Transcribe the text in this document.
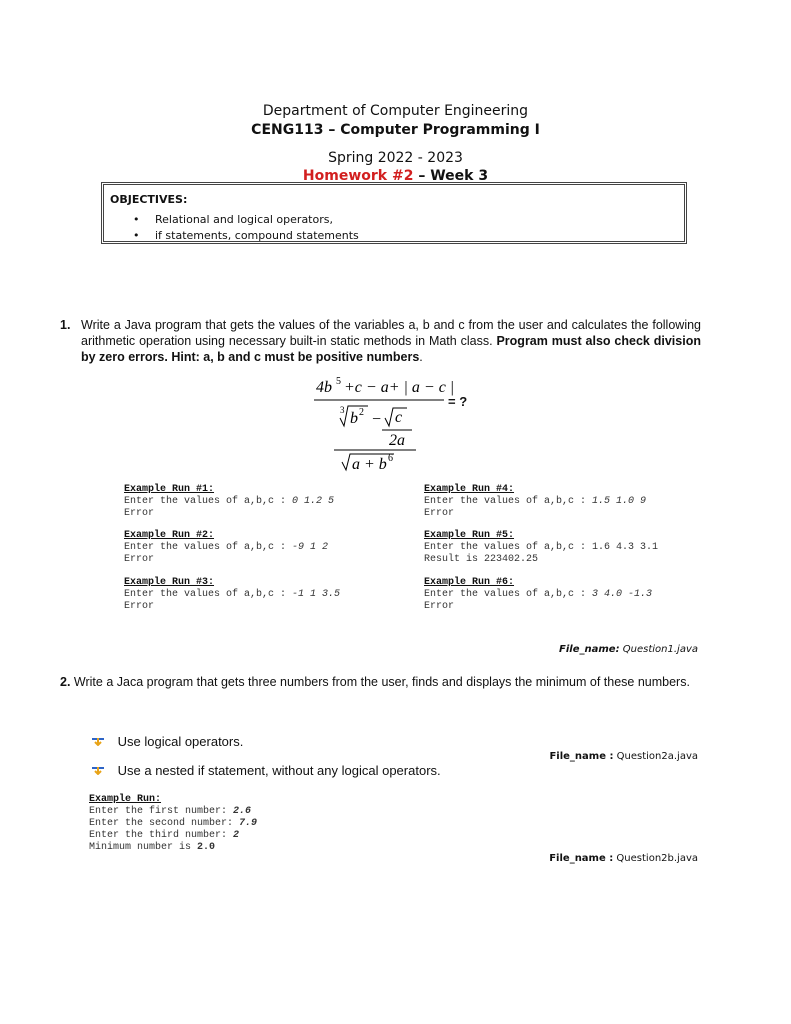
Department of Computer Engineering
CENG113 – Computer Programming I
Spring 2022 - 2023
Homework #2 – Week 3
OBJECTIVES:
• Relational and logical operators,
• if statements, compound statements
1. Write a Java program that gets the values of the variables a, b and c from the user and calculates the following arithmetic operation using necessary built-in static methods in Math class. Program must also check division by zero errors. Hint: a, b and c must be positive numbers.
4b 5 +c − a+ | a − c |
3 b 2 − c
2a
a + b 6
= ?
Example Run #1:
Enter the values of a,b,c : 0 1.2 5
Error
Example Run #2:
Enter the values of a,b,c : -9 1 2
Error
Example Run #3:
Enter the values of a,b,c : -1 1 3.5
Error
Example Run #4:
Enter the values of a,b,c : 1.5 1.0 9
Error
Example Run #5:
Enter the values of a,b,c : 1.6 4.3 3.1
Result is 223402.25
Example Run #6:
Enter the values of a,b,c : 3 4.0 -1.3
Error
File_name: Question1.java
2. Write a Jaca program that gets three numbers from the user, finds and displays the minimum of these numbers.
Use logical operators.
File_name : Question2a.java
Use a nested if statement, without any logical operators.
Example Run:
Enter the first number: 2.6
Enter the second number: 7.9
Enter the third number: 2
Minimum number is 2.0
File_name : Question2b.java
